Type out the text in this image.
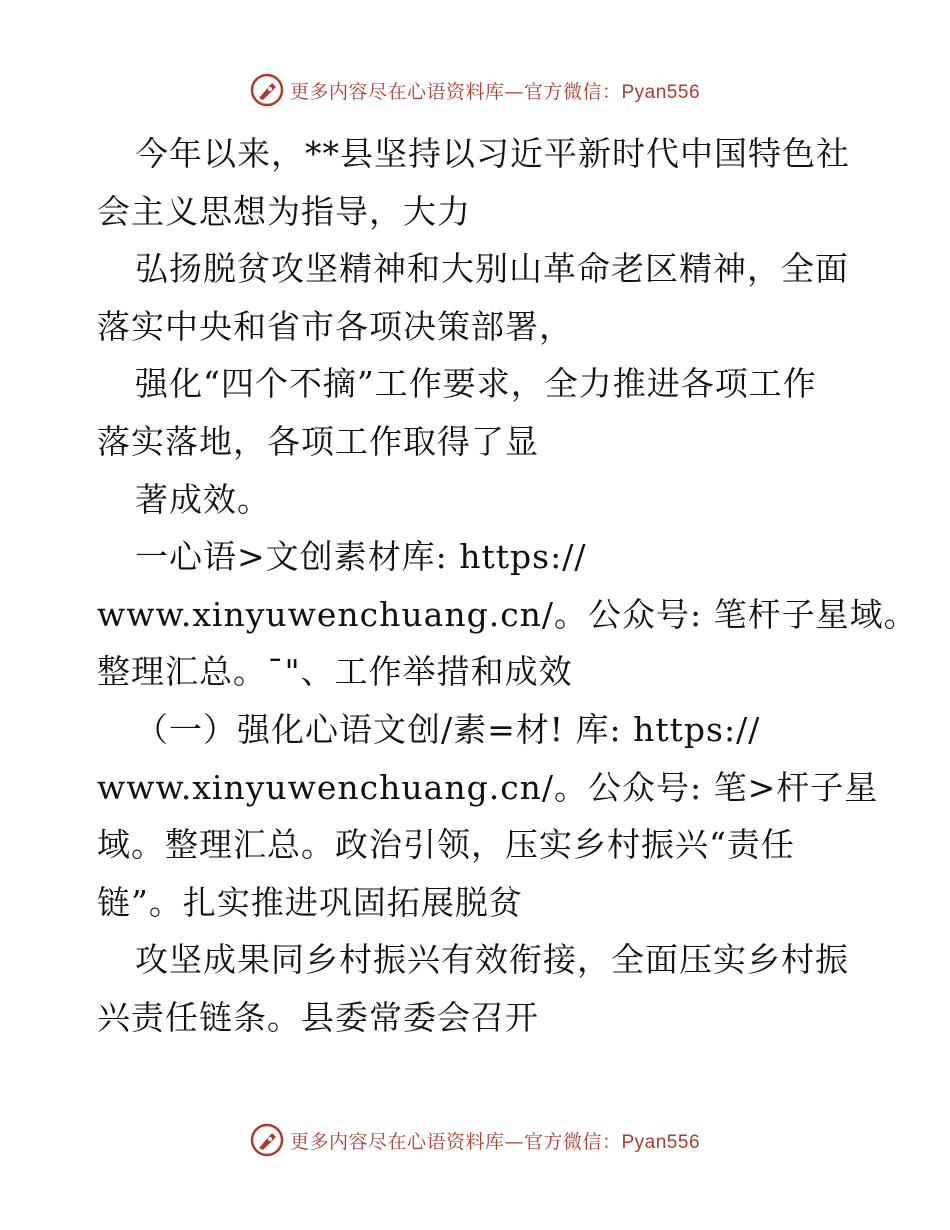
更多内容尽在心语资料库—官方微信：Pyan556
今年以来，**县坚持以习近平新时代中国特色社
会主义思想为指导，大力
弘扬脱贫攻坚精神和大别山革命老区精神，全面
落实中央和省市各项决策部署，
强化“四个不摘”工作要求，全力推进各项工作
落实落地，各项工作取得了显
著成效。
一心语>文创素材库: https://
www.xinyuwenchuang.cn/。公众号: 笔杆子星域。
整理汇总。¯"、工作举措和成效
（一）强化心语文创/素=材! 库: https://
www.xinyuwenchuang.cn/。公众号: 笔>杆子星
域。整理汇总。政治引领，压实乡村振兴“责任
链”。扎实推进巩固拓展脱贫
攻坚成果同乡村振兴有效衔接，全面压实乡村振
兴责任链条。县委常委会召开
更多内容尽在心语资料库—官方微信：Pyan556
